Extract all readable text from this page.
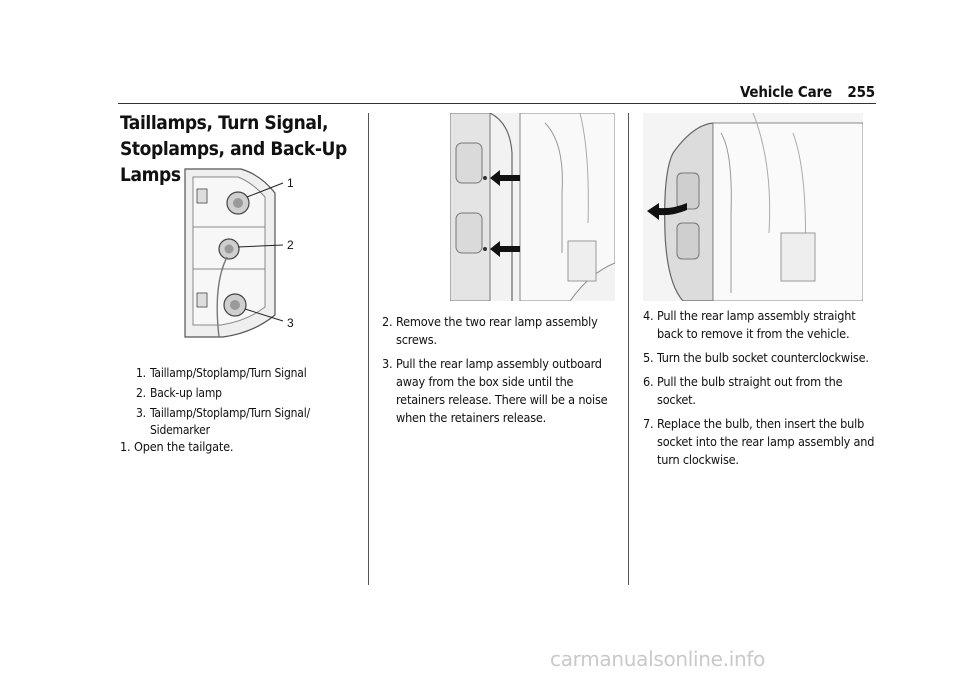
Vehicle Care 255
Taillamps, Turn Signal, Stoplamps, and Back-Up Lamps	1
2
3
1. Taillamp/Stoplamp/Turn Signal
2. Back-up lamp
3. Taillamp/Stoplamp/Turn Signal/ Sidemarker
1. Open the tailgate.
2. Remove the two rear lamp assembly screws.
3. Pull the rear lamp assembly outboard away from the box side until the retainers release. There will be a noise when the retainers release.
4. Pull the rear lamp assembly straight back to remove it from the vehicle.
5. Turn the bulb socket counterclockwise.
6. Pull the bulb straight out from the socket.
7. Replace the bulb, then insert the bulb socket into the rear lamp assembly and turn clockwise.
carmanualsonline.info
